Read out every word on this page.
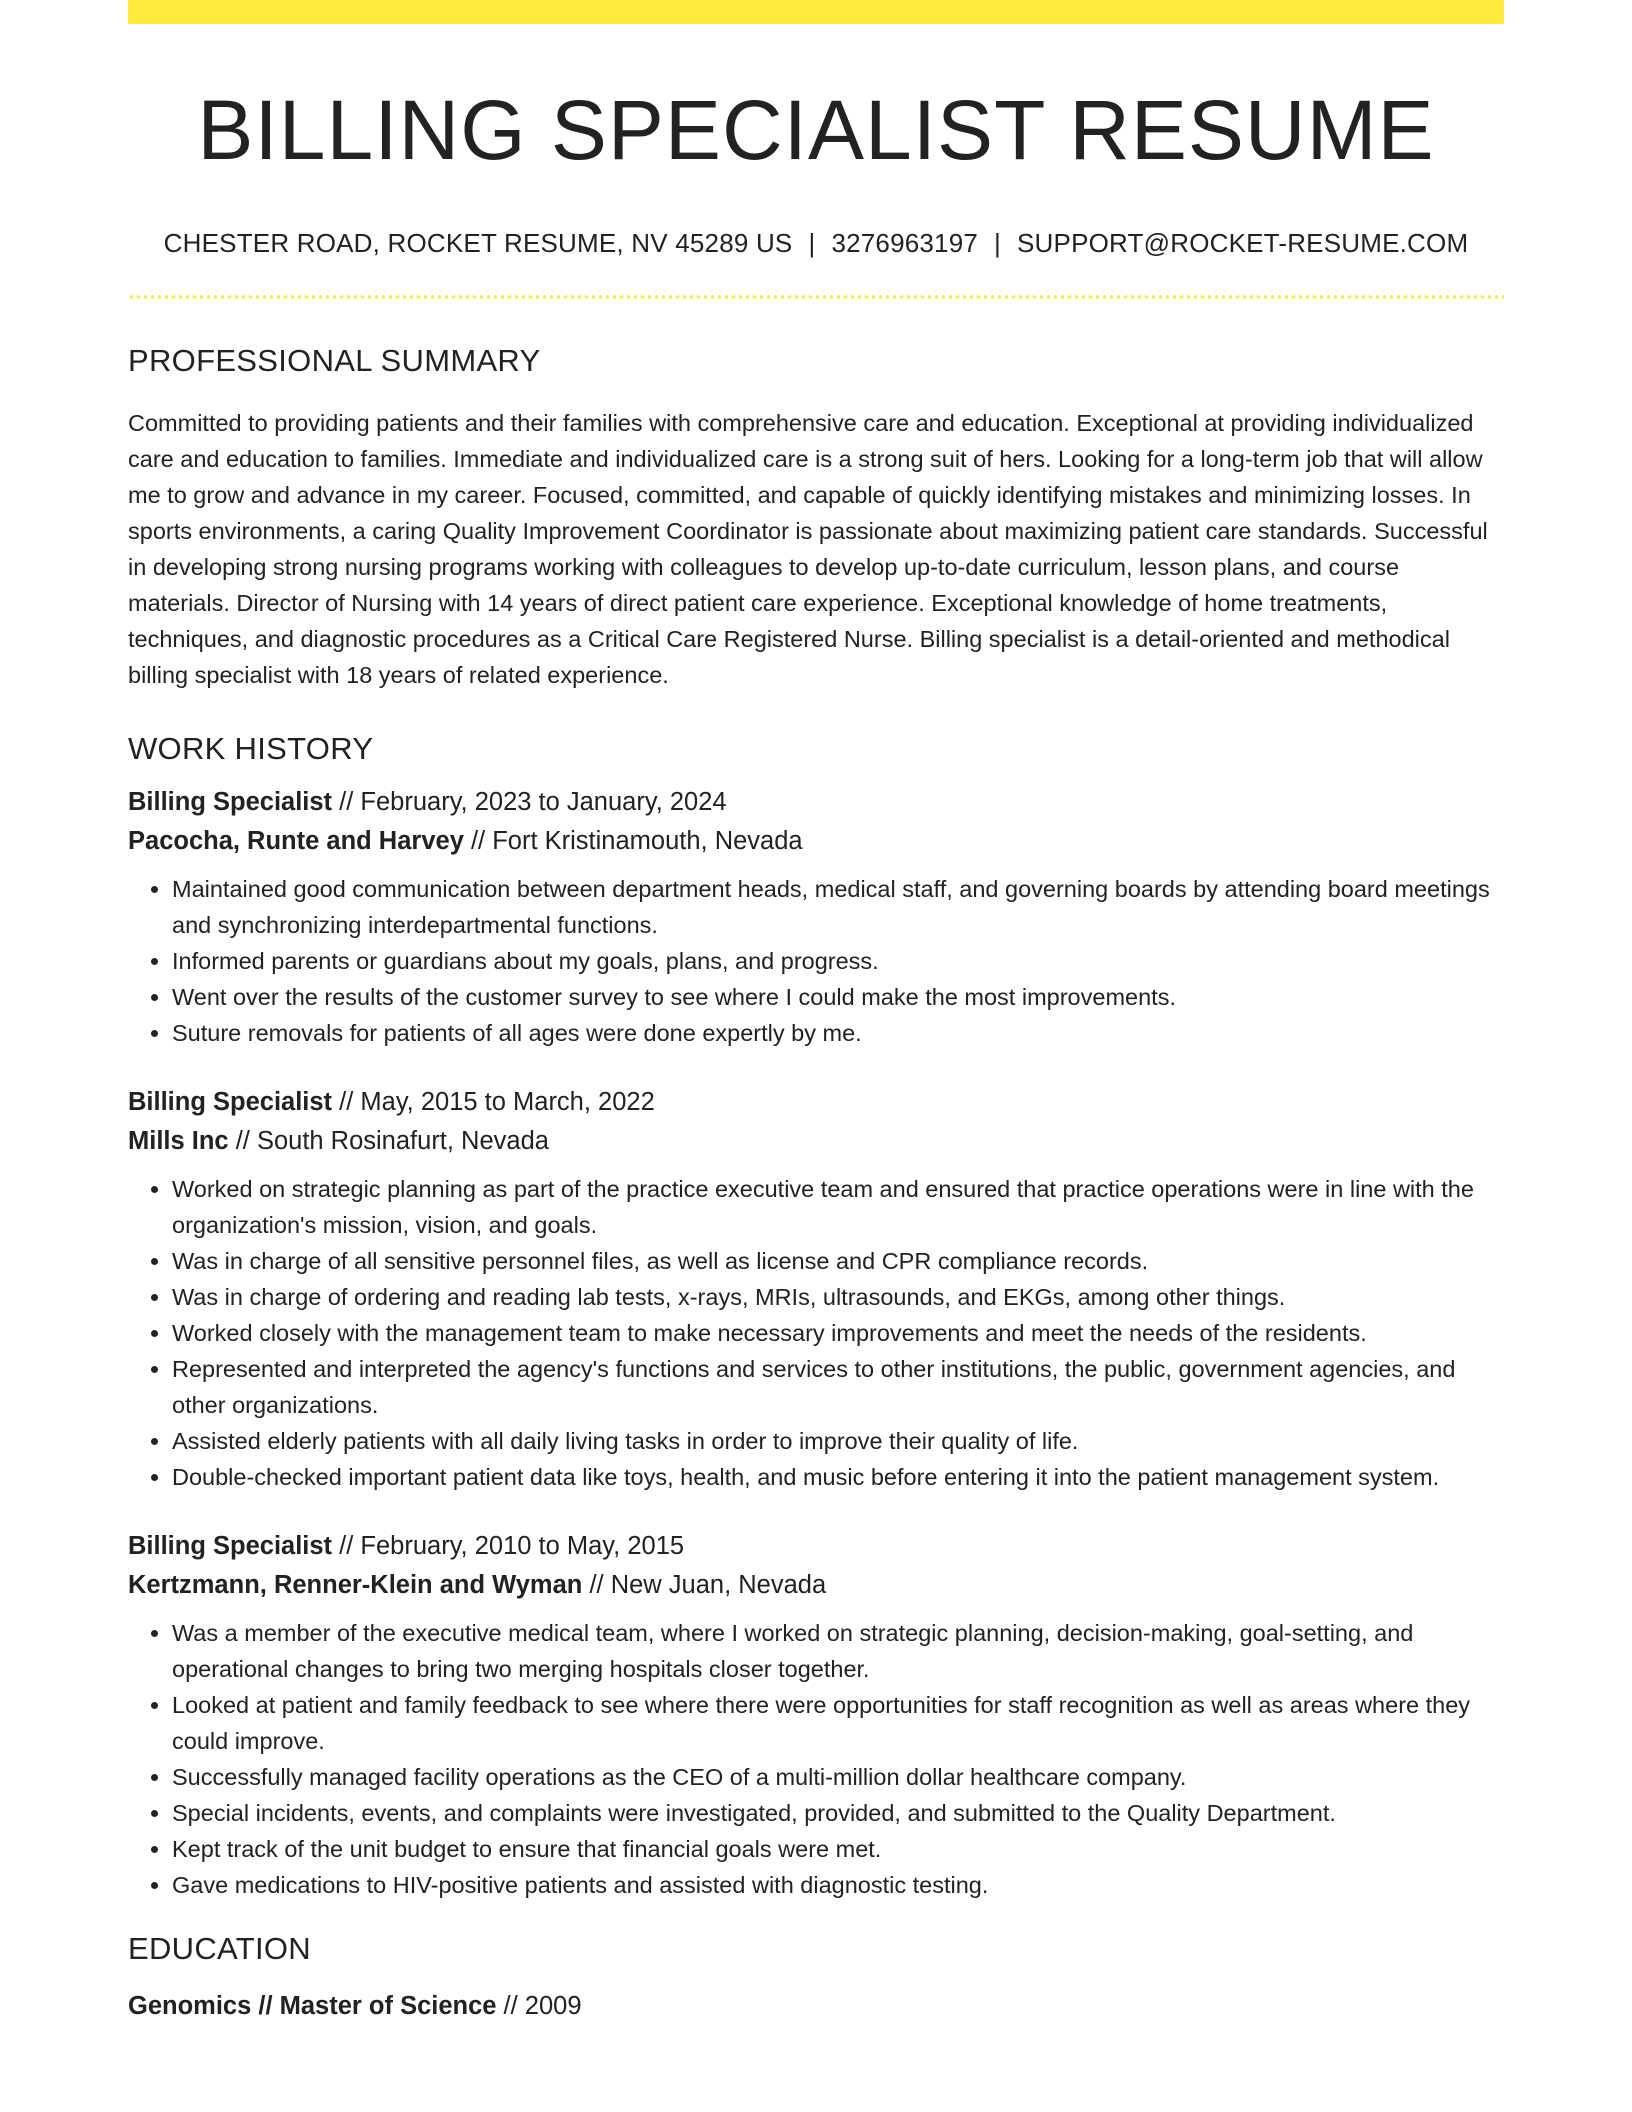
BILLING SPECIALIST RESUME
CHESTER ROAD, ROCKET RESUME, NV 45289 US | 3276963197 | SUPPORT@ROCKET-RESUME.COM
PROFESSIONAL SUMMARY

Committed to providing patients and their families with comprehensive care and education. Exceptional at providing individualized care and education to families. Immediate and individualized care is a strong suit of hers. Looking for a long-term job that will allow me to grow and advance in my career. Focused, committed, and capable of quickly identifying mistakes and minimizing losses. In sports environments, a caring Quality Improvement Coordinator is passionate about maximizing patient care standards. Successful in developing strong nursing programs working with colleagues to develop up-to-date curriculum, lesson plans, and course materials. Director of Nursing with 14 years of direct patient care experience. Exceptional knowledge of home treatments, techniques, and diagnostic procedures as a Critical Care Registered Nurse. Billing specialist is a detail-oriented and methodical billing specialist with 18 years of related experience.

WORK HISTORY
Billing Specialist // February, 2023 to January, 2024
Pacocha, Runte and Harvey // Fort Kristinamouth, Nevada
• Maintained good communication between department heads, medical staff, and governing boards by attending board meetings and synchronizing interdepartmental functions.
• Informed parents or guardians about my goals, plans, and progress.
• Went over the results of the customer survey to see where I could make the most improvements.
• Suture removals for patients of all ages were done expertly by me.
Billing Specialist // May, 2015 to March, 2022
Mills Inc // South Rosinafurt, Nevada
• Worked on strategic planning as part of the practice executive team and ensured that practice operations were in line with the organization's mission, vision, and goals.
• Was in charge of all sensitive personnel files, as well as license and CPR compliance records.
• Was in charge of ordering and reading lab tests, x-rays, MRIs, ultrasounds, and EKGs, among other things.
• Worked closely with the management team to make necessary improvements and meet the needs of the residents.
• Represented and interpreted the agency's functions and services to other institutions, the public, government agencies, and other organizations.
• Assisted elderly patients with all daily living tasks in order to improve their quality of life.
• Double-checked important patient data like toys, health, and music before entering it into the patient management system.
Billing Specialist // February, 2010 to May, 2015
Kertzmann, Renner-Klein and Wyman // New Juan, Nevada
• Was a member of the executive medical team, where I worked on strategic planning, decision-making, goal-setting, and operational changes to bring two merging hospitals closer together.
• Looked at patient and family feedback to see where there were opportunities for staff recognition as well as areas where they could improve.
• Successfully managed facility operations as the CEO of a multi-million dollar healthcare company.
• Special incidents, events, and complaints were investigated, provided, and submitted to the Quality Department.
• Kept track of the unit budget to ensure that financial goals were met.
• Gave medications to HIV-positive patients and assisted with diagnostic testing.
EDUCATION
Genomics // Master of Science // 2009
